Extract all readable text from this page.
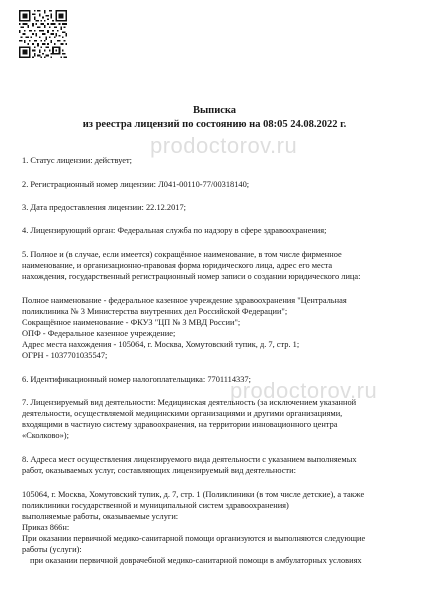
Выписка
из реестра лицензий по состоянию на 08:05 24.08.2022 г.
prodoctorov.ru
prodoctorov.ru
1. Статус лицензии: действует;
2. Регистрационный номер лицензии: Л041-00110-77/00318140;
3. Дата предоставления лицензии: 22.12.2017;
4. Лицензирующий орган: Федеральная служба по надзору в сфере здравоохранения;
5. Полное и (в случае, если имеется) сокращённое наименование, в том числе фирменное
наименование, и организационно-правовая форма юридического лица, адрес его места
нахождения, государственный регистрационный номер записи о создании юридического лица:
Полное наименование - федеральное казенное учреждение здравоохранения "Центральная
поликлиника № 3 Министерства внутренних дел Российской Федерации";
Сокращённое наименование - ФКУЗ "ЦП № 3 МВД России";
ОПФ - Федеральное казенное учреждение;
Адрес места нахождения - 105064, г. Москва, Хомутовский тупик, д. 7, стр. 1;
ОГРН - 1037701035547;
6. Идентификационный номер налогоплательщика: 7701114337;
7. Лицензируемый вид деятельности: Медицинская деятельность (за исключением указанной
деятельности, осуществляемой медицинскими организациями и другими организациями,
входящими в частную систему здравоохранения, на территории инновационного центра
«Сколково»);
8. Адреса мест осуществления лицензируемого вида деятельности с указанием выполняемых
работ, оказываемых услуг, составляющих лицензируемый вид деятельности:
105064, г. Москва, Хомутовский тупик, д. 7, стр. 1 (Поликлиники (в том числе детские), а также
поликлиники государственной и муниципальной систем здравоохранения)
выполняемые работы, оказываемые услуги:
Приказ 866н:
При оказании первичной медико-санитарной помощи организуются и выполняются следующие
работы (услуги):
при оказании первичной доврачебной медико-санитарной помощи в амбулаторных условиях
